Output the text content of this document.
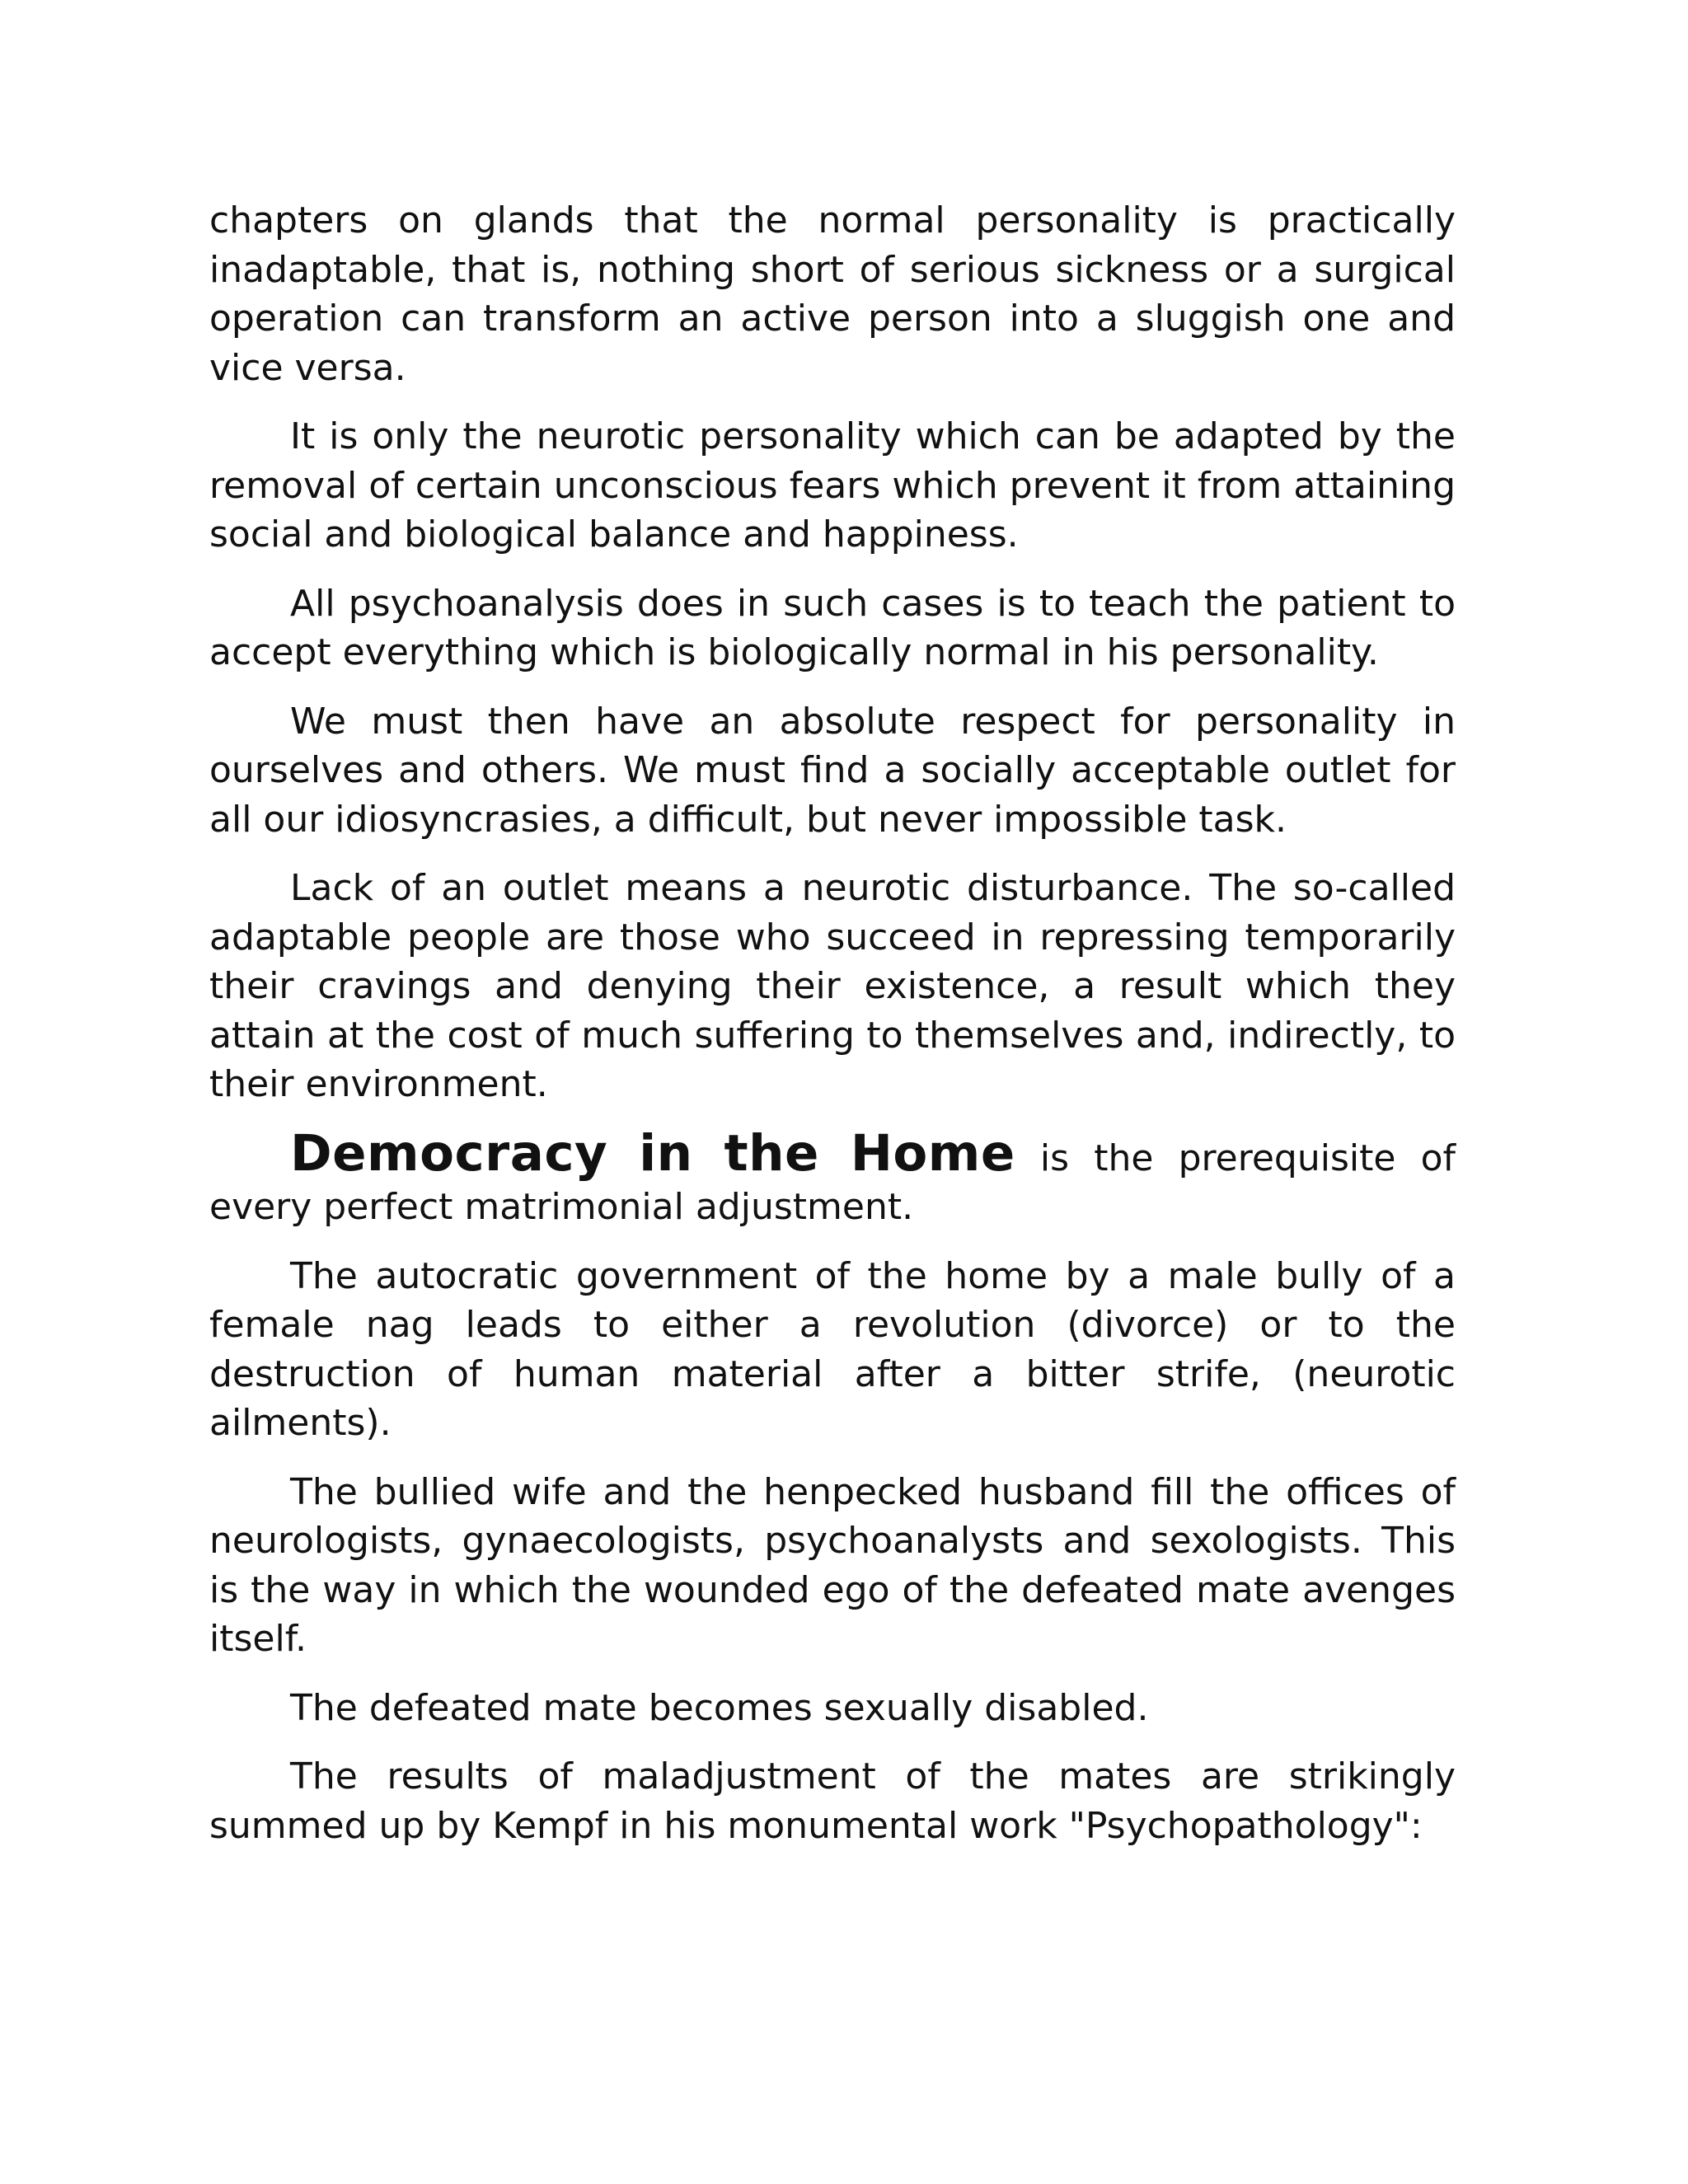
chapters on glands that the normal personality is practically inadaptable, that is, nothing short of serious sickness or a surgical operation can transform an active person into a sluggish one and vice versa.

It is only the neurotic personality which can be adapted by the removal of certain unconscious fears which prevent it from attaining social and biological balance and happiness.

All psychoanalysis does in such cases is to teach the patient to accept everything which is biologically normal in his personality.

We must then have an absolute respect for personality in ourselves and others. We must find a socially acceptable outlet for all our idiosyncrasies, a difficult, but never impossible task.

Lack of an outlet means a neurotic disturbance. The so-called adaptable people are those who succeed in repressing temporarily their cravings and denying their existence, a result which they attain at the cost of much suffering to themselves and, indirectly, to their environment.

Democracy in the Home is the prerequisite of every perfect matrimonial adjustment.

The autocratic government of the home by a male bully of a female nag leads to either a revolution (divorce) or to the destruction of human material after a bitter strife, (neurotic ailments).

The bullied wife and the henpecked husband fill the offices of neurologists, gynaecologists, psychoanalysts and sexologists. This is the way in which the wounded ego of the defeated mate avenges itself.

The defeated mate becomes sexually disabled.

The results of maladjustment of the mates are strikingly summed up by Kempf in his monumental work "Psychopathology":
